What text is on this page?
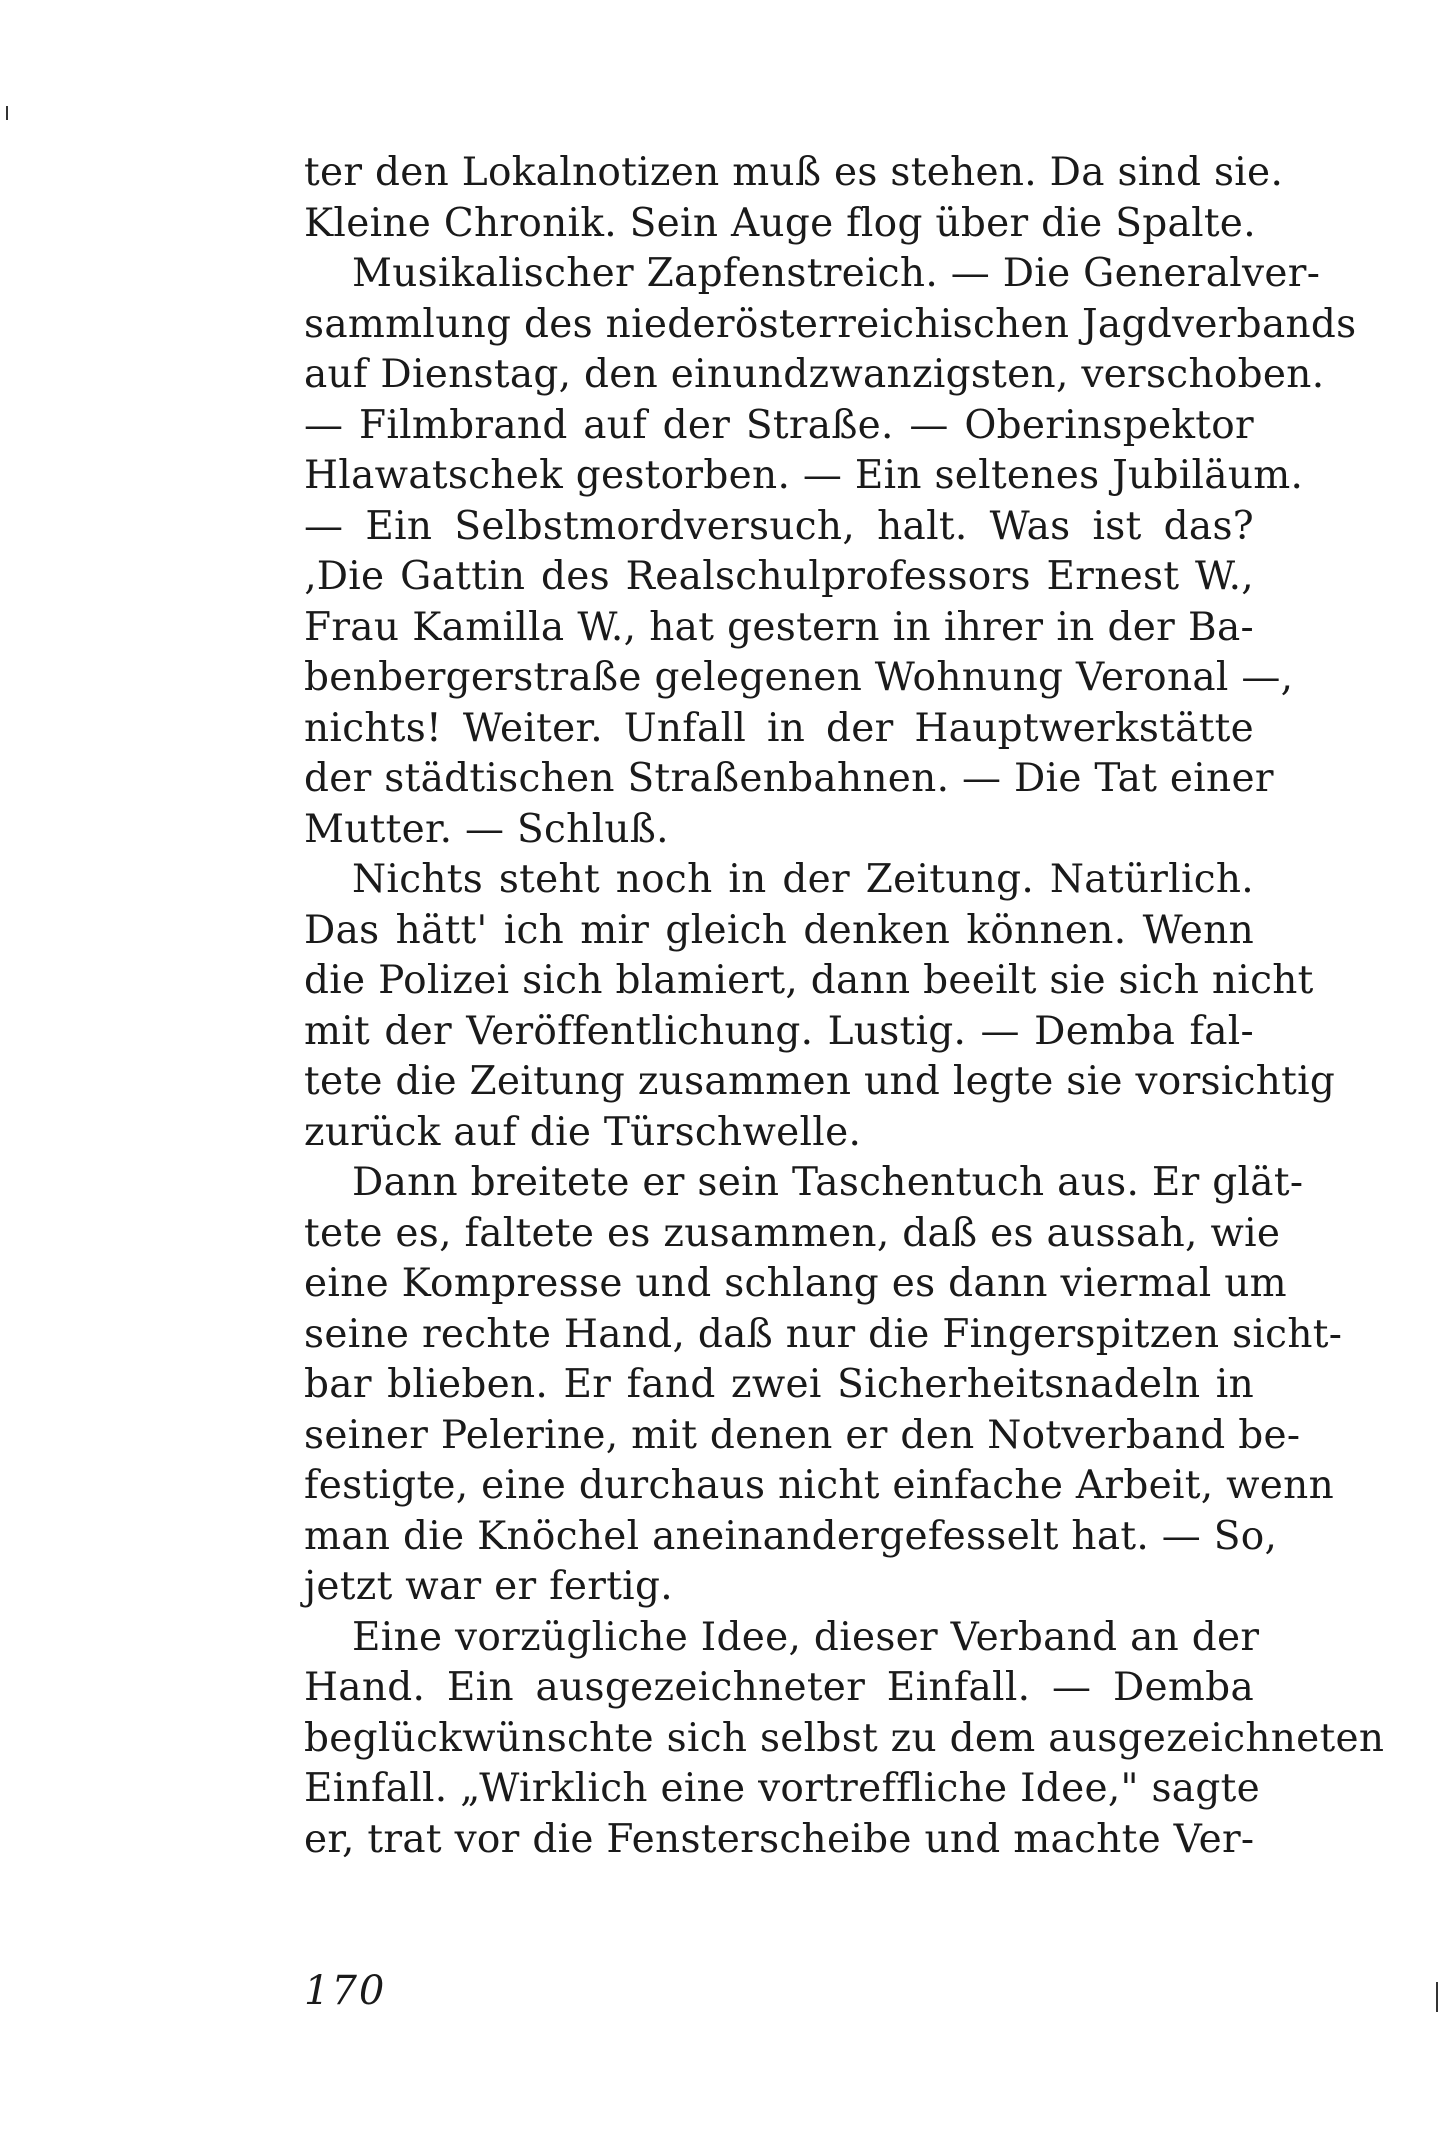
ter den Lokalnotizen muß es stehen. Da sind sie.
Kleine Chronik. Sein Auge flog über die Spalte.
Musikalischer Zapfenstreich. — Die Generalver-
sammlung des niederösterreichischen Jagdverbands
auf Dienstag, den einundzwanzigsten, verschoben.
— Filmbrand auf der Straße. — Oberinspektor
Hlawatschek gestorben. — Ein seltenes Jubiläum.
— Ein Selbstmordversuch, halt. Was ist das?
‚Die Gattin des Realschulprofessors Ernest W.,
Frau Kamilla W., hat gestern in ihrer in der Ba-
benbergerstraße gelegenen Wohnung Veronal —,
nichts! Weiter. Unfall in der Hauptwerkstätte
der städtischen Straßenbahnen. — Die Tat einer
Mutter. — Schluß.
Nichts steht noch in der Zeitung. Natürlich.
Das hätt' ich mir gleich denken können. Wenn
die Polizei sich blamiert, dann beeilt sie sich nicht
mit der Veröffentlichung. Lustig. — Demba fal-
tete die Zeitung zusammen und legte sie vorsichtig
zurück auf die Türschwelle.
Dann breitete er sein Taschentuch aus. Er glät-
tete es, faltete es zusammen, daß es aussah, wie
eine Kompresse und schlang es dann viermal um
seine rechte Hand, daß nur die Fingerspitzen sicht-
bar blieben. Er fand zwei Sicherheitsnadeln in
seiner Pelerine, mit denen er den Notverband be-
festigte, eine durchaus nicht einfache Arbeit, wenn
man die Knöchel aneinandergefesselt hat. — So,
jetzt war er fertig.
Eine vorzügliche Idee, dieser Verband an der
Hand. Ein ausgezeichneter Einfall. — Demba
beglückwünschte sich selbst zu dem ausgezeichneten
Einfall. „Wirklich eine vortreffliche Idee," sagte
er, trat vor die Fensterscheibe und machte Ver-
170
